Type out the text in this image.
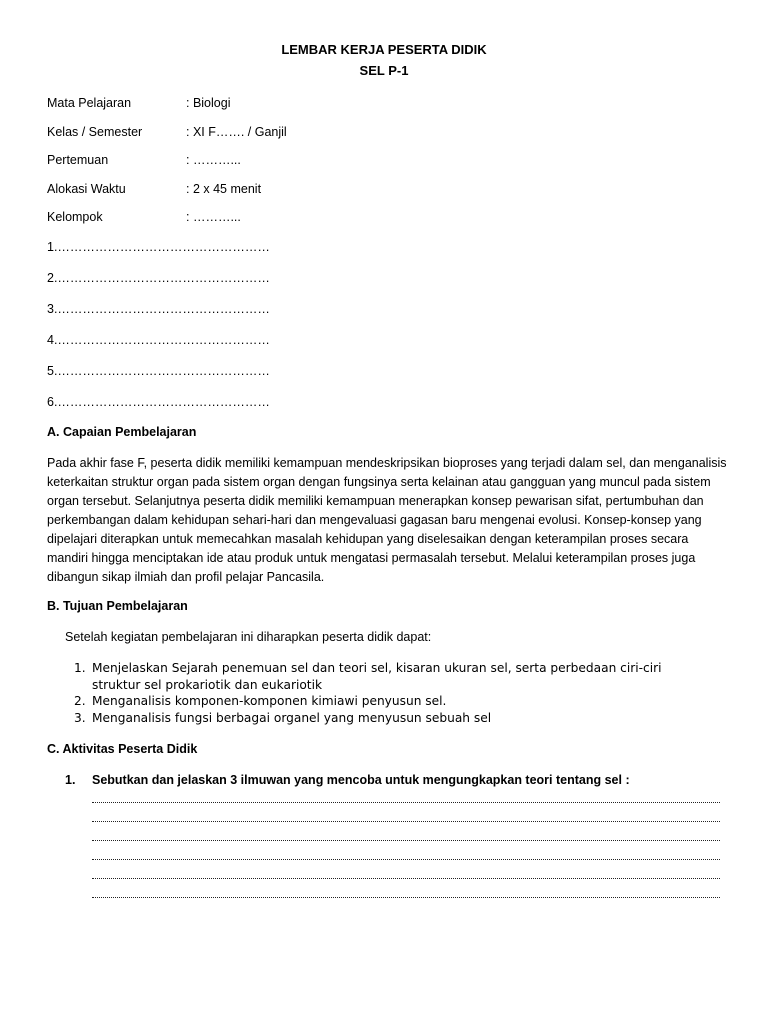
LEMBAR KERJA PESERTA DIDIK
SEL P-1
Mata Pelajaran	: Biologi
Kelas / Semester	: XI F……. / Ganjil
Pertemuan	: ………...
Alokasi Waktu	: 2 x 45 menit
Kelompok	: ………...
1.……………………………………………
2.……………………………………………
3.……………………………………………
4.……………………………………………
5.……………………………………………
6.……………………………………………
A. Capaian Pembelajaran
Pada akhir fase F, peserta didik memiliki kemampuan mendeskripsikan bioproses yang terjadi dalam sel, dan menganalisis keterkaitan struktur organ pada sistem organ dengan fungsinya serta kelainan atau gangguan yang muncul pada sistem organ tersebut. Selanjutnya peserta didik memiliki kemampuan menerapkan konsep pewarisan sifat, pertumbuhan dan perkembangan dalam kehidupan sehari-hari dan mengevaluasi gagasan baru mengenai evolusi. Konsep-konsep yang dipelajari diterapkan untuk memecahkan masalah kehidupan yang diselesaikan dengan keterampilan proses secara mandiri hingga menciptakan ide atau produk untuk mengatasi permasalah tersebut. Melalui keterampilan proses juga dibangun sikap ilmiah dan profil pelajar Pancasila.
B. Tujuan Pembelajaran
Setelah kegiatan pembelajaran ini diharapkan peserta didik dapat:
1. Menjelaskan Sejarah penemuan sel dan teori sel, kisaran ukuran sel, serta perbedaan ciri-ciri struktur sel prokariotik dan eukariotik
2. Menganalisis komponen-komponen kimiawi penyusun sel.
3. Menganalisis fungsi berbagai organel yang menyusun sebuah sel
C. Aktivitas Peserta Didik
1. Sebutkan dan jelaskan 3 ilmuwan yang mencoba untuk mengungkapkan teori tentang sel :
